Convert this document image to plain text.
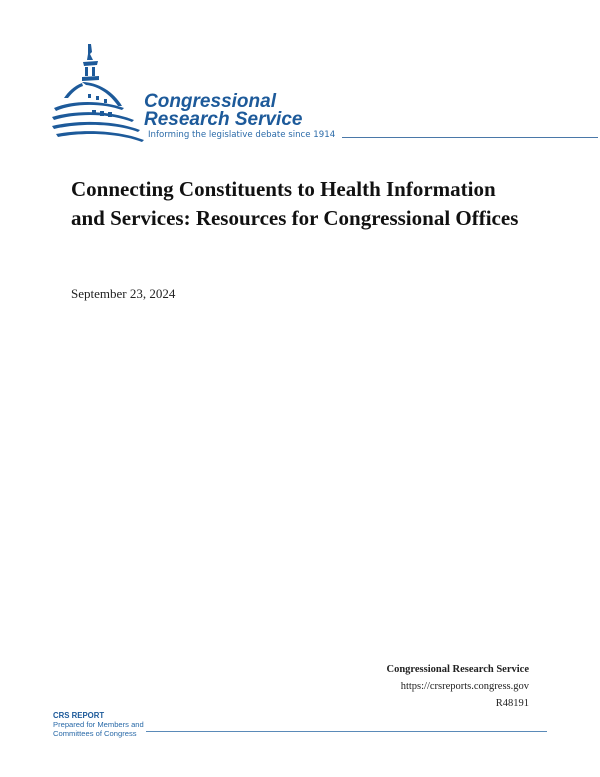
Congressional
Research Service
Informing the legislative debate since 1914
Connecting Constituents to Health Information and Services: Resources for Congressional Offices
September 23, 2024
Congressional Research Service
https://crsreports.congress.gov
R48191
CRS REPORT
Prepared for Members and
Committees of Congress
